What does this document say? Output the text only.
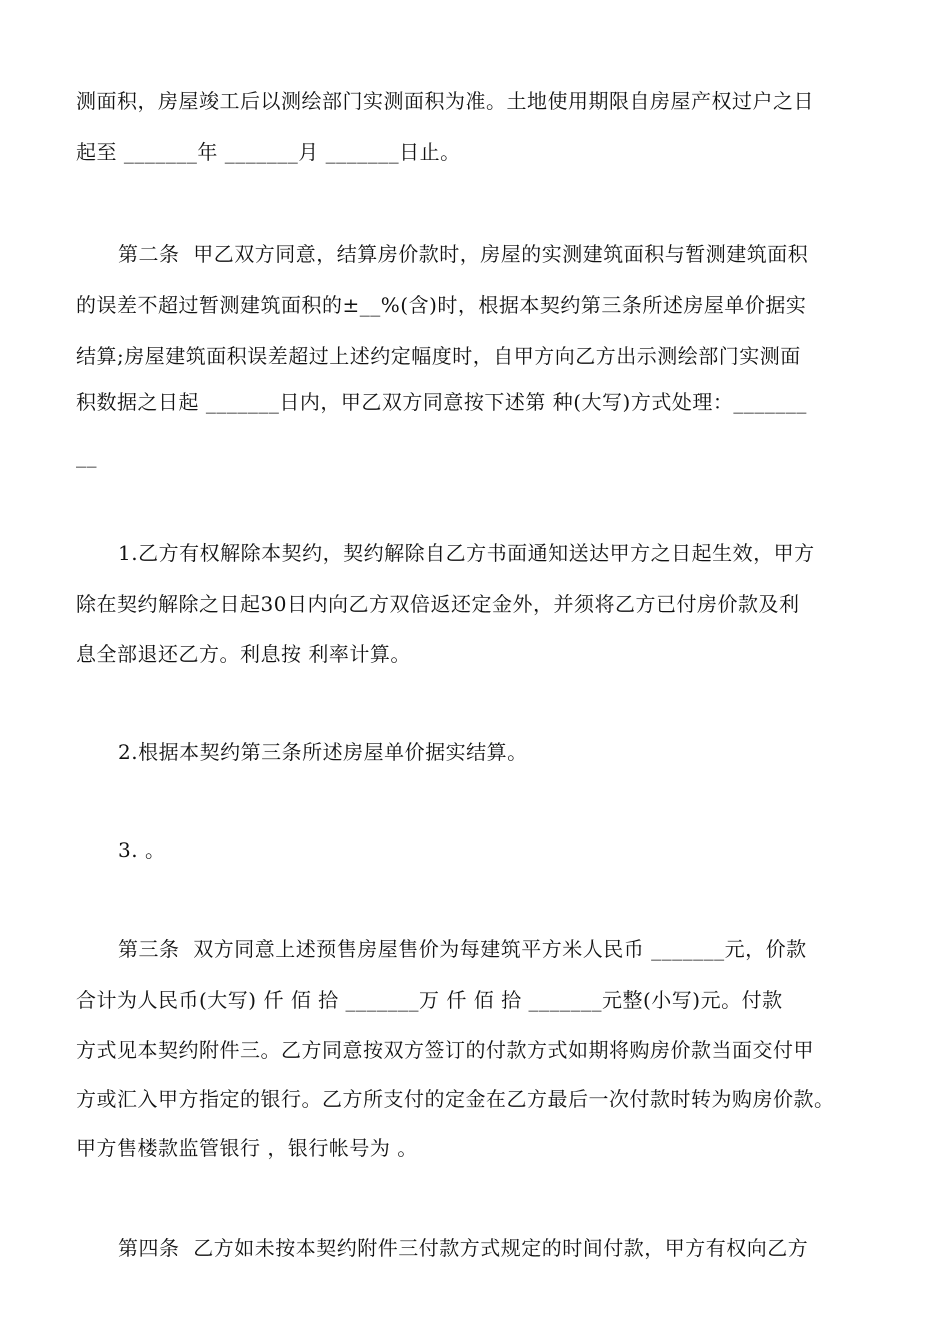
测面积，房屋竣工后以测绘部门实测面积为准。土地使用期限自房屋产权过户之日
起至 _______年 _______月 _______日止。
第二条  甲乙双方同意，结算房价款时，房屋的实测建筑面积与暂测建筑面积
的误差不超过暂测建筑面积的±__%(含)时，根据本契约第三条所述房屋单价据实
结算;房屋建筑面积误差超过上述约定幅度时，自甲方向乙方出示测绘部门实测面
积数据之日起 _______日内，甲乙双方同意按下述第 种(大写)方式处理：_______
__
1.乙方有权解除本契约，契约解除自乙方书面通知送达甲方之日起生效，甲方
除在契约解除之日起30日内向乙方双倍返还定金外，并须将乙方已付房价款及利
息全部退还乙方。利息按 利率计算。
2.根据本契约第三条所述房屋单价据实结算。
3. 。
第三条  双方同意上述预售房屋售价为每建筑平方米人民币 _______元，价款
合计为人民币(大写) 仟 佰 拾 _______万 仟 佰 拾 _______元整(小写)元。付款
方式见本契约附件三。乙方同意按双方签订的付款方式如期将购房价款当面交付甲
方或汇入甲方指定的银行。乙方所支付的定金在乙方最后一次付款时转为购房价款。
甲方售楼款监管银行 ，银行帐号为 。
第四条  乙方如未按本契约附件三付款方式规定的时间付款，甲方有权向乙方
